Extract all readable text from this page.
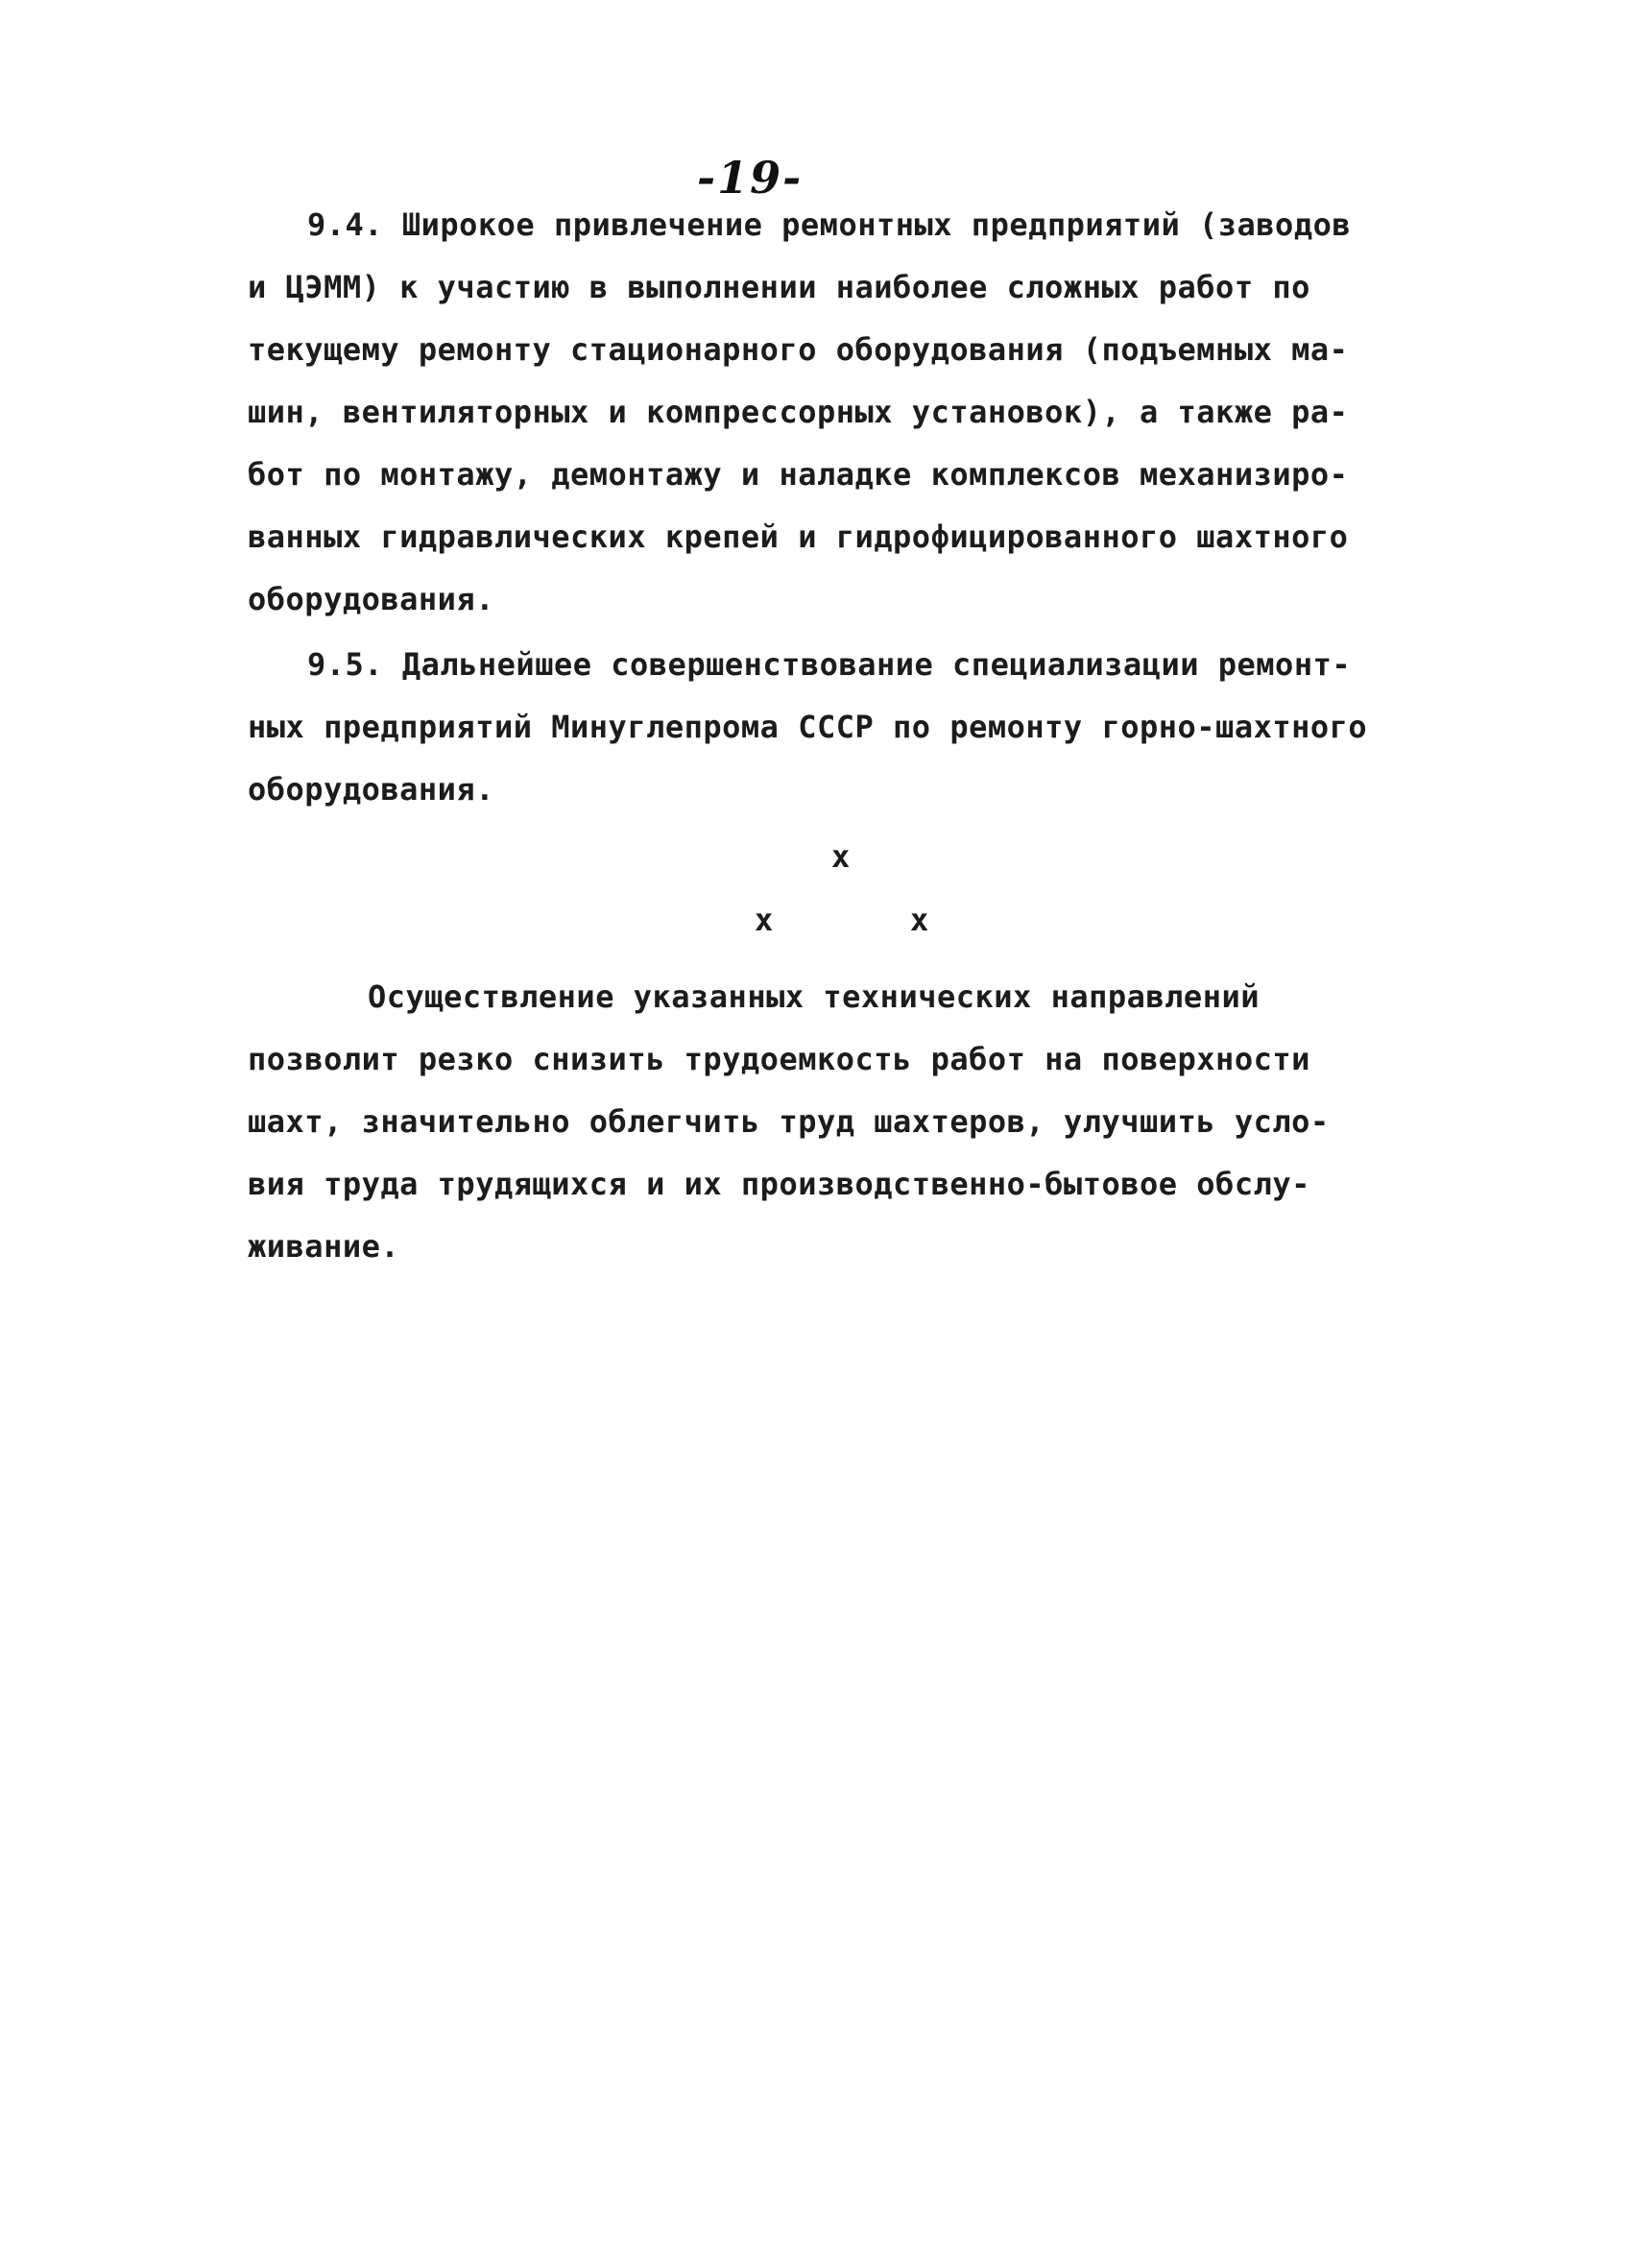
-19-
9.4. Широкое привлечение ремонтных предприятий (заводов
и ЦЭММ) к участию в выполнении наиболее сложных работ по
текущему ремонту стационарного оборудования (подъемных ма-
шин, вентиляторных и компрессорных установок), а также ра-
бот по монтажу, демонтажу и наладке комплексов механизиро-
ванных гидравлических крепей и гидрофицированного шахтного
оборудования.
9.5. Дальнейшее совершенствование специализации ремонт-
ных предприятий Минуглепрома СССР по ремонту горно-шахтного
оборудования.
x
x	x
Осуществление указанных технических направлений
позволит резко снизить трудоемкость работ на поверхности
шахт, значительно облегчить труд шахтеров, улучшить усло-
вия труда трудящихся и их производственно-бытовое обслу-
живание.
